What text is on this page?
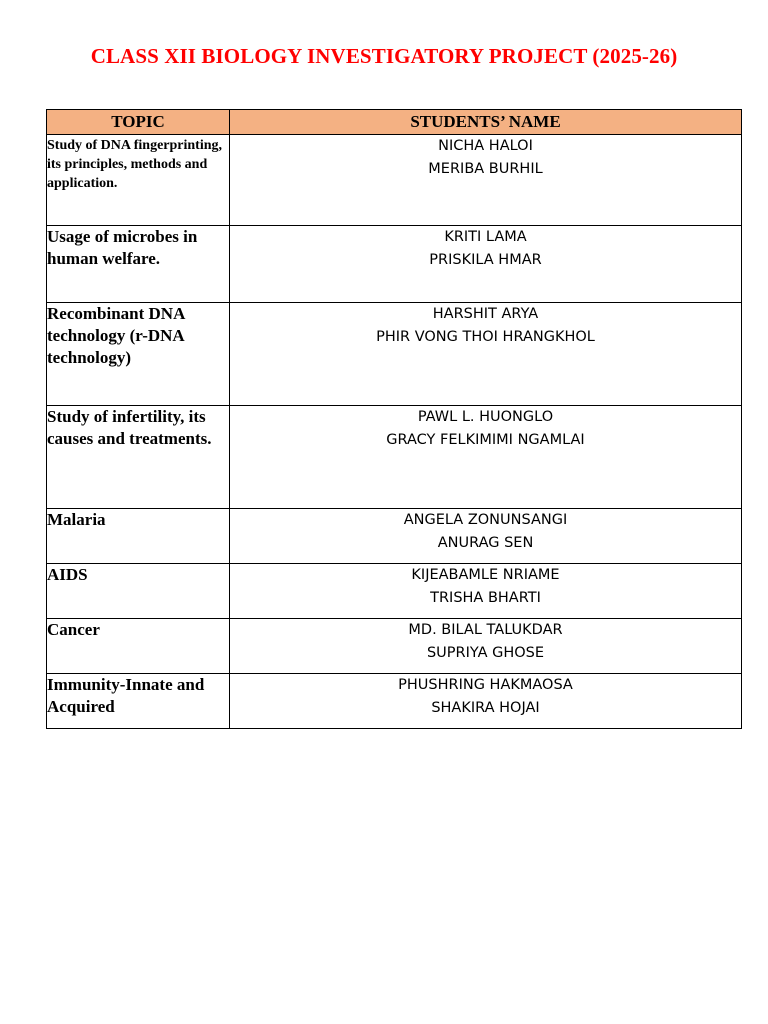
CLASS XII BIOLOGY INVESTIGATORY PROJECT (2025-26)
TOPIC	STUDENTS’ NAME
Study of DNA fingerprinting, its principles, methods and application.	NICHA HALOI
MERIBA BURHIL

Usage of microbes in human welfare.	KRITI LAMA
PRISKILA HMAR

Recombinant DNA technology (r-DNA technology)	HARSHIT ARYA
PHIR VONG THOI HRANGKHOL

Study of infertility, its causes and treatments.	PAWL L. HUONGLO
GRACY FELKIMIMI NGAMLAI

Malaria	ANGELA ZONUNSANGI
ANURAG SEN

AIDS	KIJEABAMLE NRIAME
TRISHA BHARTI

Cancer	MD. BILAL TALUKDAR
SUPRIYA GHOSE

Immunity-Innate and Acquired	PHUSHRING HAKMAOSA
SHAKIRA HOJAI
